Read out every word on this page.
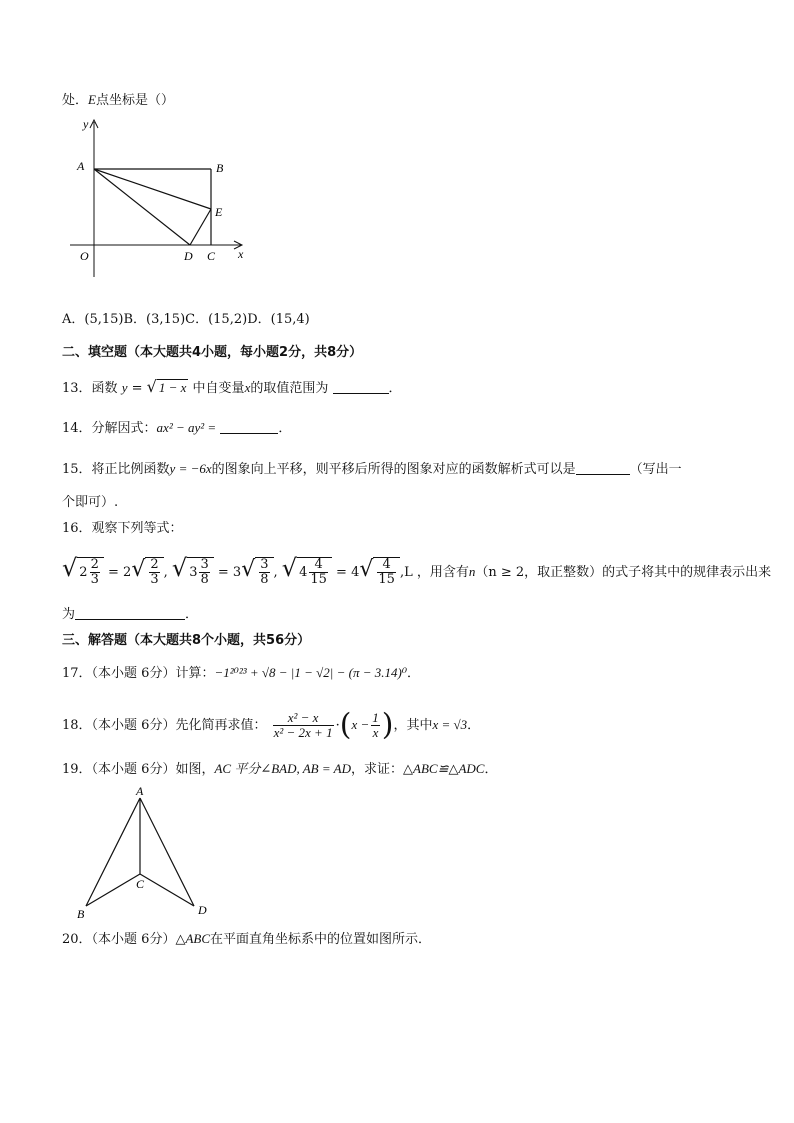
处．E点坐标是（）
y
A	B
E
O	D C x
A．(5,15)B．(3,15)C．(15,2)D．(15,4)
二、填空题（本大题共4小题，每小题2分，共8分）
13．函数 y = √ 1 − x 中自变量x的取值范围为	．
14．分解因式：ax² − ay² =	．
15．将正比例函数y = −6x的图象向上平移，则平移后所得的图象对应的函数解析式可以是	（写出一
个即可）.
16．观察下列等式：
√ $2 \frac{2}{3} = 2√ \frac{2}{3}$ , √ $3 \frac{3}{8} = 3√ \frac{3}{8}$ , √ $4 \frac{4}{15} = 4√ \frac{4}{15} ,L$ ，用含有n（n ≥ 2，取正整数）的式子将其中的规律表示出来
为	．
三、解答题（本大题共8个小题，共56分）
17．（本小题 6分）计算：−1²⁰²³ + √8 − |1 − √2| − (π − 3.14)⁰．
18．（本小题 6分）先化简再求值： $\frac{\text{x² − x}}{\text{x² − 2x + 1}} \cdot(x - \frac{1}{x}$ )，其中x = √3．
19．（本小题 6分）如图，AC 平分∠BAD, AB = AD，求证：△ABC≌△ADC．
A
B
C
D
20．（本小题 6分）△ABC在平面直角坐标系中的位置如图所示．
